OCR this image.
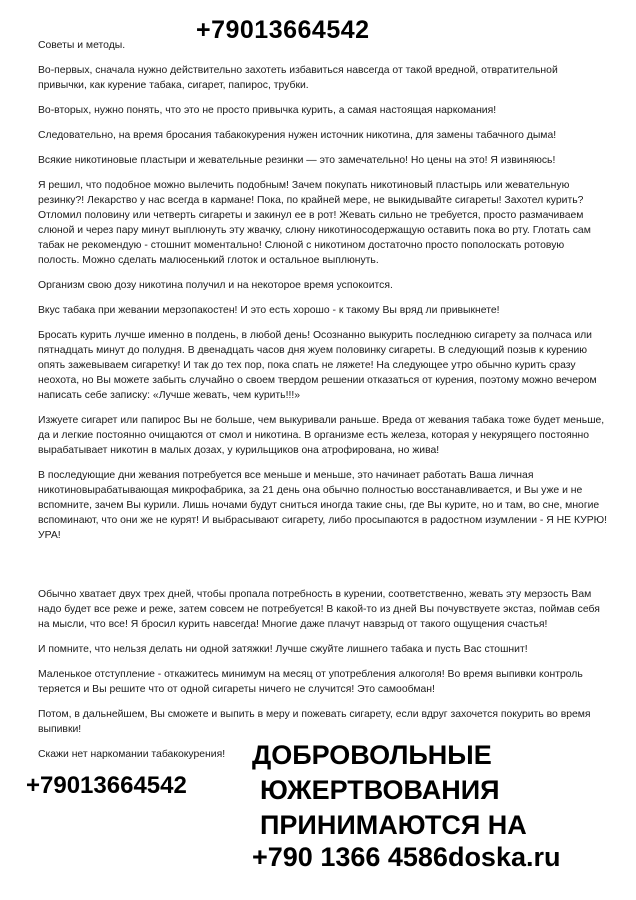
+79013664542

Советы и методы.

Во-первых, сначала нужно действительно захотеть избавиться навсегда от такой вредной, отвратительной привычки, как курение табака, сигарет, папирос, трубки.

Во-вторых, нужно понять, что это не просто привычка курить, а самая настоящая наркомания!

Следовательно, на время бросания табакокурения нужен источник никотина, для замены табачного дыма!

Всякие никотиновые пластыри и жевательные резинки — это замечательно! Но цены на это! Я извиняюсь!

Я решил, что подобное можно вылечить подобным! Зачем покупать никотиновый пластырь или жевательную резинку?! Лекарство у нас всегда в кармане! Пока, по крайней мере, не выкидывайте сигареты! Захотел курить? Отломил половину или четверть сигареты и закинул ее в рот! Жевать сильно не требуется, просто размачиваем слюной и через пару минут выплюнуть эту жвачку, слюну никотиносодержащую оставить пока во рту. Глотать сам табак не рекомендую - стошнит моментально! Слюной с никотином достаточно просто пополоскать ротовую полость. Можно сделать малюсенький глоток и остальное выплюнуть.

Организм свою дозу никотина получил и на некоторое время успокоится.

Вкус табака при жевании мерзопакостен! И это есть хорошо - к такому Вы вряд ли привыкнете!

Бросать курить лучше именно в полдень, в любой день! Осознанно выкурить последнюю сигарету за полчаса или пятнадцать минут до полудня. В двенадцать часов дня жуем половинку сигареты. В следующий позыв к курению опять зажевываем сигаретку! И так до тех пор, пока спать не ляжете! На следующее утро обычно курить сразу неохота, но Вы можете забыть случайно о своем твердом решении отказаться от курения, поэтому можно вечером написать себе записку: «Лучше жевать, чем курить!!!»

Изжуете сигарет или папирос Вы не больше, чем выкуривали раньше. Вреда от жевания табака тоже будет меньше, да и легкие постоянно очищаются от смол и никотина. В организме есть железа, которая у некурящего постоянно вырабатывает никотин в малых дозах, у курильщиков она атрофирована, но жива!

В последующие дни жевания потребуется все меньше и меньше, это начинает работать Ваша личная никотиновырабатывающая микрофабрика, за 21 день она обычно полностью восстанавливается, и Вы уже и не вспомните, зачем Вы курили. Лишь ночами будут сниться иногда такие сны, где Вы курите, но и там, во сне, многие вспоминают, что они же не курят! И выбрасывают сигарету, либо просыпаются в радостном изумлении - Я НЕ КУРЮ! УРА!

Обычно хватает двух трех дней, чтобы пропала потребность в курении, соответственно, жевать эту мерзость Вам надо будет все реже и реже, затем совсем не потребуется! В какой-то из дней Вы почувствуете экстаз, поймав себя на мысли, что все! Я бросил курить навсегда! Многие даже плачут навзрыд от такого ощущения счастья!

И помните, что нельзя делать ни одной затяжки! Лучше сжуйте лишнего табака и пусть Вас стошнит!

Маленькое отступление - откажитесь минимум на месяц от употребления алкоголя! Во время выпивки контроль теряется и Вы решите что от одной сигареты ничего не случится! Это самообман!

Потом, в дальнейшем, Вы сможете и выпить в меру и пожевать сигарету, если вдруг захочется покурить во время выпивки!

Скажи нет наркомании табакокурения!

+79013664542
ДОБРОВОЛЬНЫЕ
ЮЖЕРТВОВАНИЯ
ПРИНИМАЮТСЯ НА
+790 1366 4586doska.ru
